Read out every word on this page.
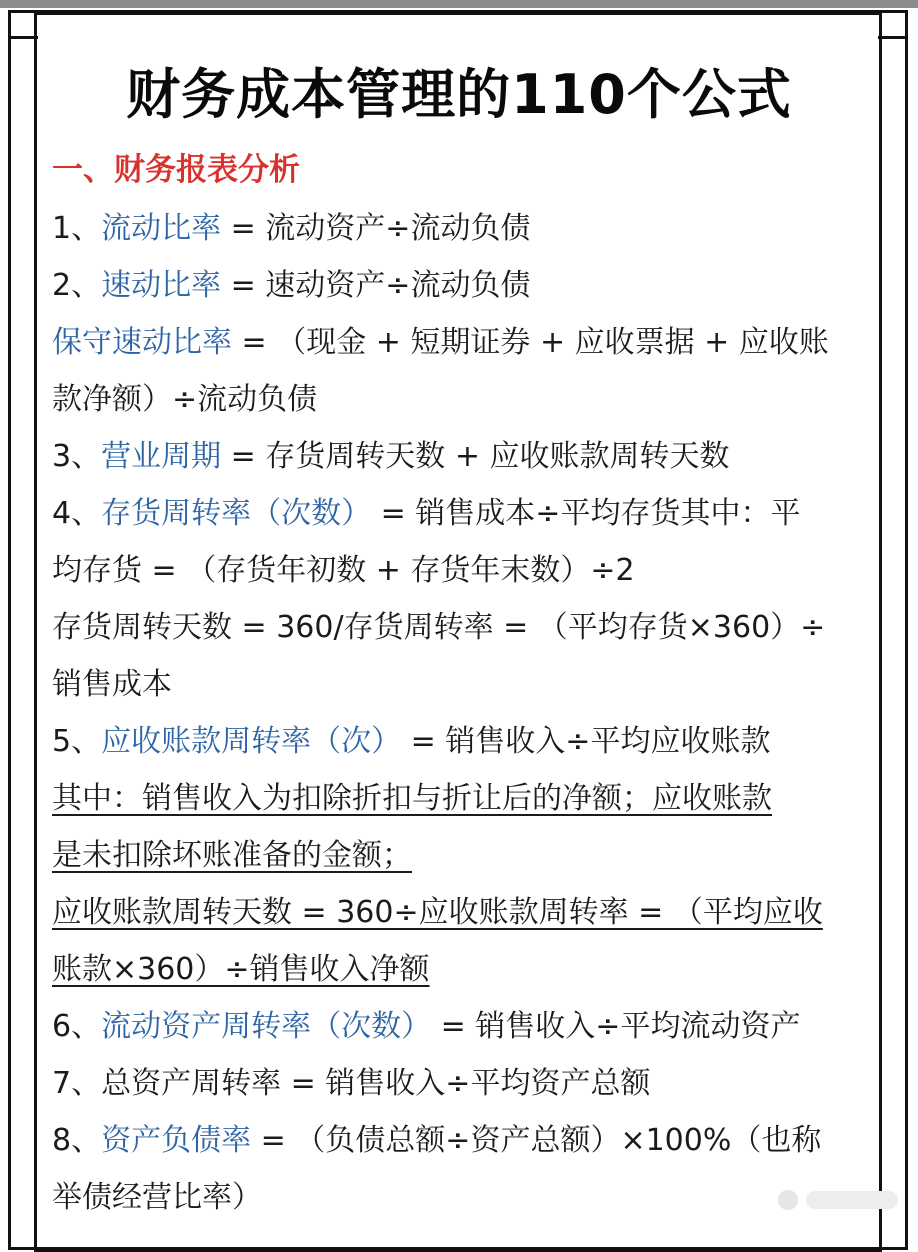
财务成本管理的110个公式
一、财务报表分析
1、流动比率 = 流动资产÷流动负债
2、速动比率 = 速动资产÷流动负债
保守速动比率 = （现金 + 短期证券 + 应收票据 + 应收账
款净额）÷流动负债
3、营业周期 = 存货周转天数 + 应收账款周转天数
4、存货周转率（次数） = 销售成本÷平均存货其中：平
均存货 = （存货年初数 + 存货年末数）÷2
存货周转天数 = 360/存货周转率 = （平均存货×360）÷
销售成本
5、应收账款周转率（次） = 销售收入÷平均应收账款
其中：销售收入为扣除折扣与折让后的净额；应收账款
是未扣除坏账准备的金额；
应收账款周转天数 = 360÷应收账款周转率 = （平均应收
账款×360）÷销售收入净额
6、流动资产周转率（次数） = 销售收入÷平均流动资产
7、总资产周转率 = 销售收入÷平均资产总额
8、资产负债率 = （负债总额÷资产总额）×100%（也称
举债经营比率）
